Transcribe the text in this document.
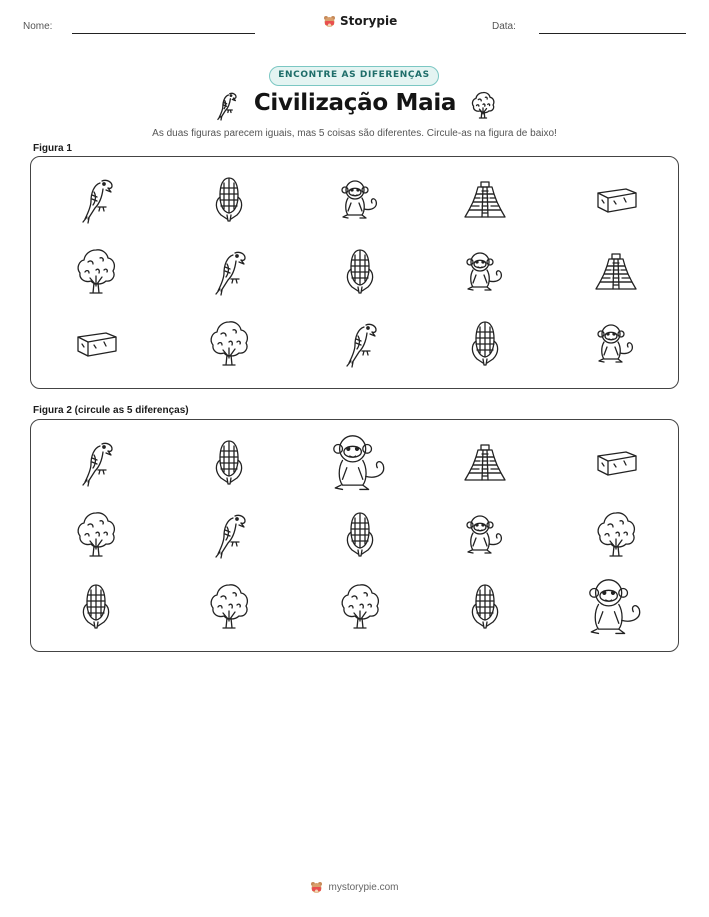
Nome:	Storypie	Data:
ENCONTRE AS DIFERENÇAS
Civilização Maia
As duas figuras parecem iguais, mas 5 coisas são diferentes. Circule-as na figura de baixo!
Figura 1
Figura 2 (circule as 5 diferenças)
mystorypie.com
